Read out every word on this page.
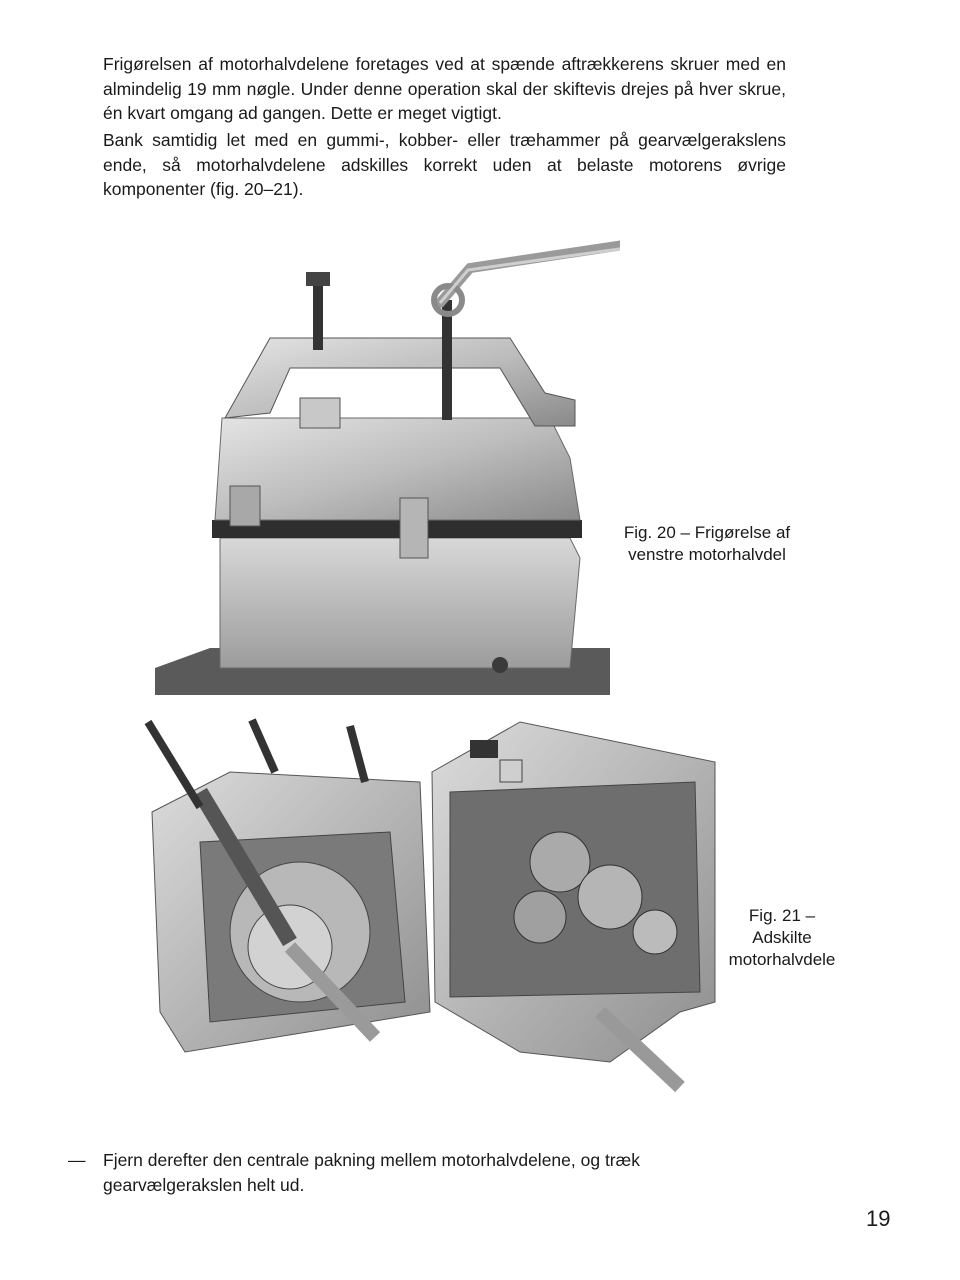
Frigørelsen af motorhalvdelene foretages ved at spænde aftrækkerens skruer med en almindelig 19 mm nøgle. Under denne operation skal der skiftevis drejes på hver skrue, én kvart omgang ad gangen. Dette er meget vigtigt.

Bank samtidig let med en gummi-, kobber- eller træhammer på gearvælgerakslens ende, så motorhalvdelene adskilles korrekt uden at belaste motorens øvrige komponenter (fig. 20–21).

Fig. 20 – Frigørelse af
venstre motorhalvdel
Fig. 21 –
Adskilte
motorhalvdele
— Fjern derefter den centrale pakning mellem motorhalvdelene, og træk gearvælgerakslen helt ud.
19
